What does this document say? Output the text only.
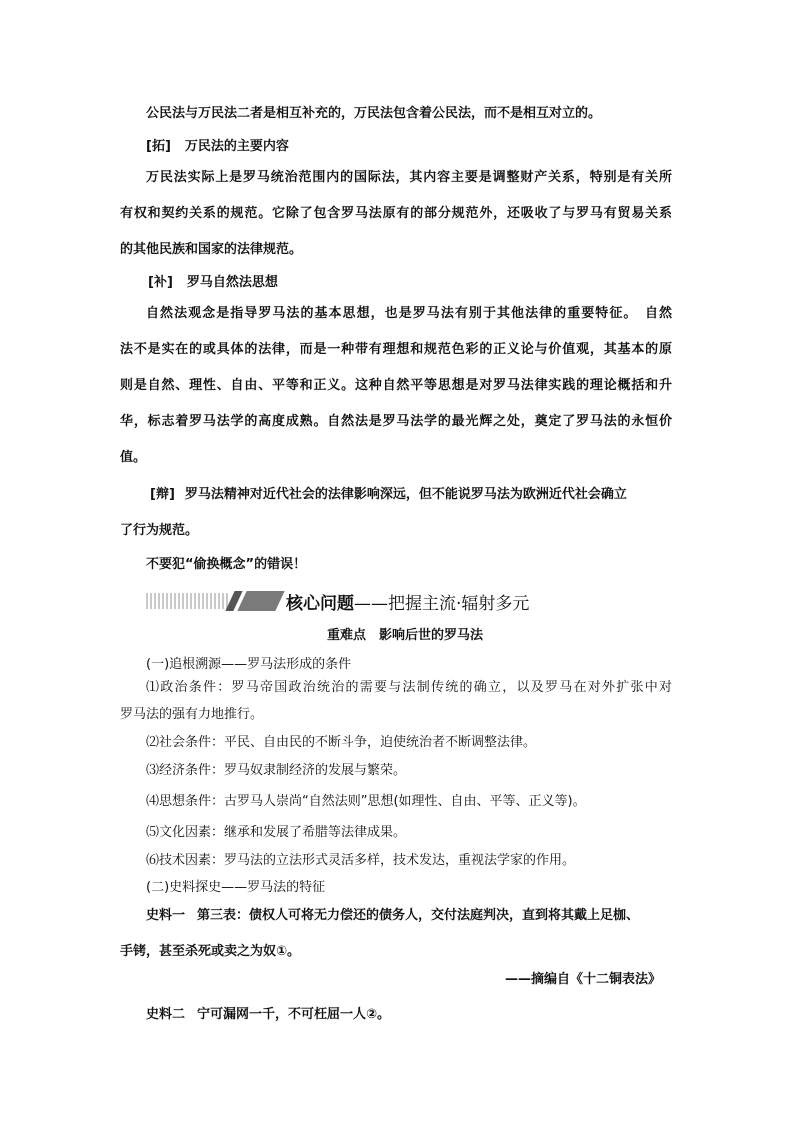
公民法与万民法二者是相互补充的，万民法包含着公民法，而不是相互对立的。
[拓] 万民法的主要内容
万民法实际上是罗马统治范围内的国际法，其内容主要是调整财产关系，特别是有关所
有权和契约关系的规范。它除了包含罗马法原有的部分规范外，还吸收了与罗马有贸易关系
的其他民族和国家的法律规范。
[补] 罗马自然法思想
自然法观念是指导罗马法的基本思想，也是罗马法有别于其他法律的重要特征。　自然
法不是实在的或具体的法律，而是一种带有理想和规范色彩的正义论与价值观，其基本的原
则是自然、理性、自由、平等和正义。这种自然平等思想是对罗马法律实践的理论概括和升
华，标志着罗马法学的高度成熟。自然法是罗马法学的最光辉之处，奠定了罗马法的永恒价
值。
[辩] 罗马法精神对近代社会的法律影响深远，但不能说罗马法为欧洲近代社会确立
了行为规范。
不要犯“偷换概念”的错误！
核心问题——把握主流·辐射多元
重难点　影响后世的罗马法
(一)追根溯源——罗马法形成的条件
⑴政治条件：罗马帝国政治统治的需要与法制传统的确立，以及罗马在对外扩张中对
罗马法的强有力地推行。
⑵社会条件：平民、自由民的不断斗争，迫使统治者不断调整法律。
⑶经济条件：罗马奴隶制经济的发展与繁荣。
⑷思想条件：古罗马人崇尚“自然法则”思想(如理性、自由、平等、正义等)。
⑸文化因素：继承和发展了希腊等法律成果。
⑹技术因素：罗马法的立法形式灵活多样，技术发达，重视法学家的作用。
(二)史料探史——罗马法的特征
史料一 第三表：债权人可将无力偿还的债务人，交付法庭判决，直到将其戴上足枷、
手铐，甚至杀死或卖之为奴①。
——摘编自《十二铜表法》
史料二 宁可漏网一千，不可枉屈一人②。
